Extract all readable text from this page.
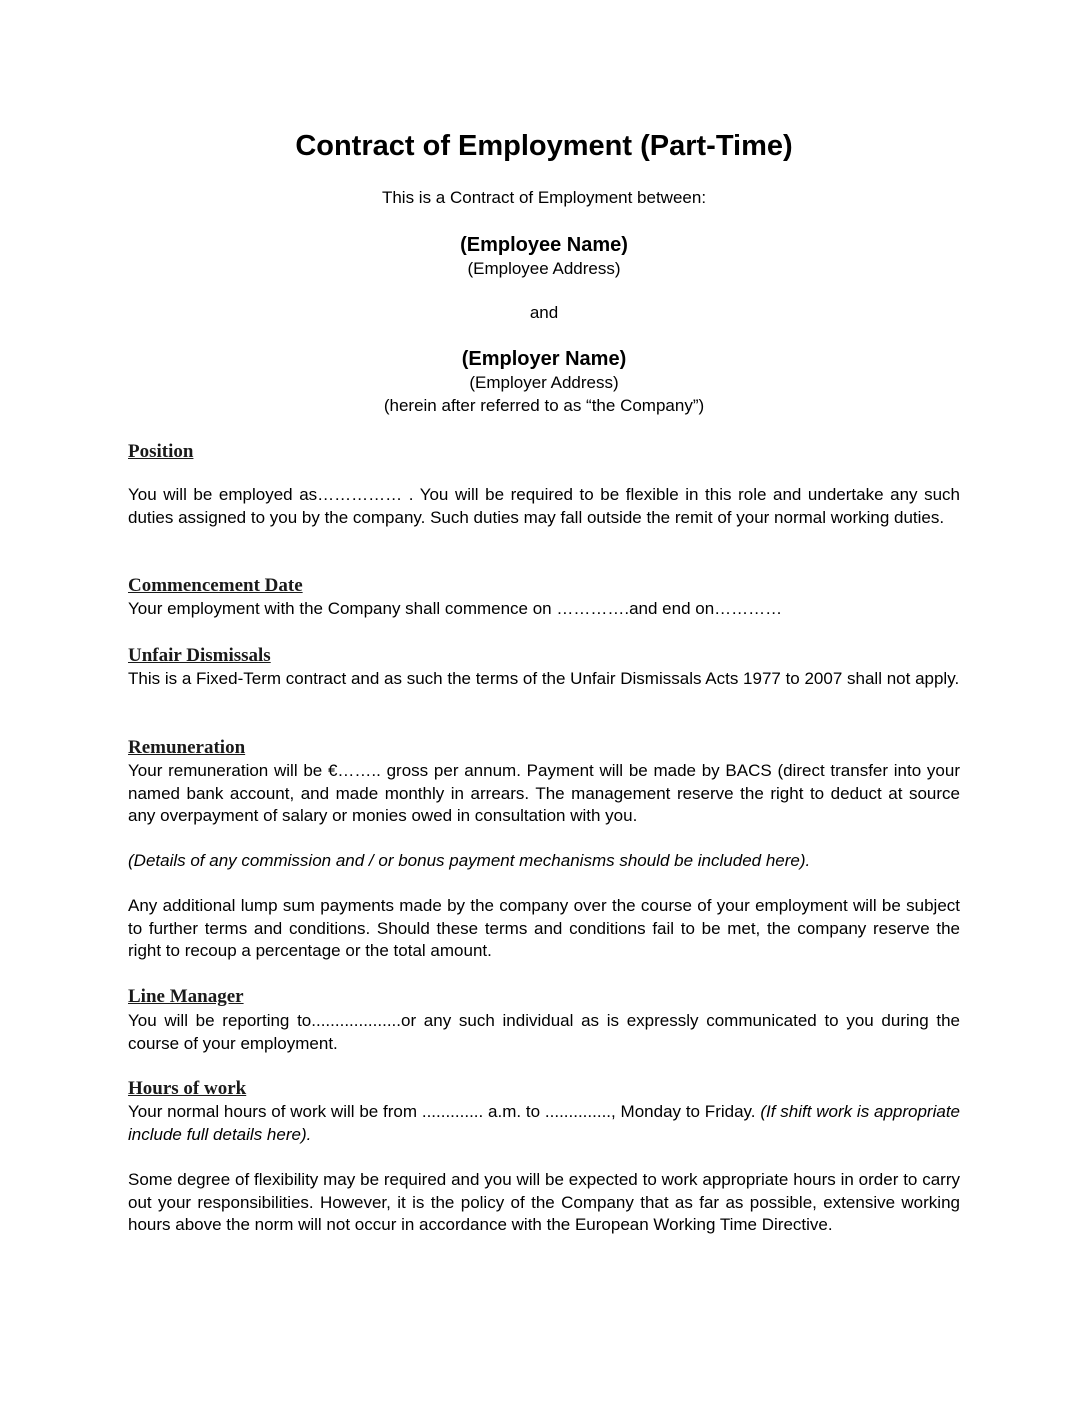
Contract of Employment (Part-Time)

This is a Contract of Employment between:

(Employee Name)

(Employee Address)

and

(Employer Name)

(Employer Address)

(herein after referred to as “the Company”)

Position

You will be employed as…………… . You will be required to be flexible in this role and undertake any such duties assigned to you by the company. Such duties may fall outside the remit of your normal working duties.

Commencement Date

Your employment with the Company shall commence on ………….and end on…………

Unfair Dismissals

This is a Fixed-Term contract and as such the terms of the Unfair Dismissals Acts 1977 to 2007 shall not apply.

Remuneration

Your remuneration will be €…….. gross per annum. Payment will be made by BACS (direct transfer into your named bank account, and made monthly in arrears. The management reserve the right to deduct at source any overpayment of salary or monies owed in consultation with you.

(Details of any commission and / or bonus payment mechanisms should be included here).

Any additional lump sum payments made by the company over the course of your employment will be subject to further terms and conditions. Should these terms and conditions fail to be met, the company reserve the right to recoup a percentage or the total amount.

Line Manager

You will be reporting to...................or any such individual as is expressly communicated to you during the course of your employment.

Hours of work

Your normal hours of work will be from ............. a.m. to .............., Monday to Friday. (If shift work is appropriate include full details here).

Some degree of flexibility may be required and you will be expected to work appropriate hours in order to carry out your responsibilities. However, it is the policy of the Company that as far as possible, extensive working hours above the norm will not occur in accordance with the European Working Time Directive.
